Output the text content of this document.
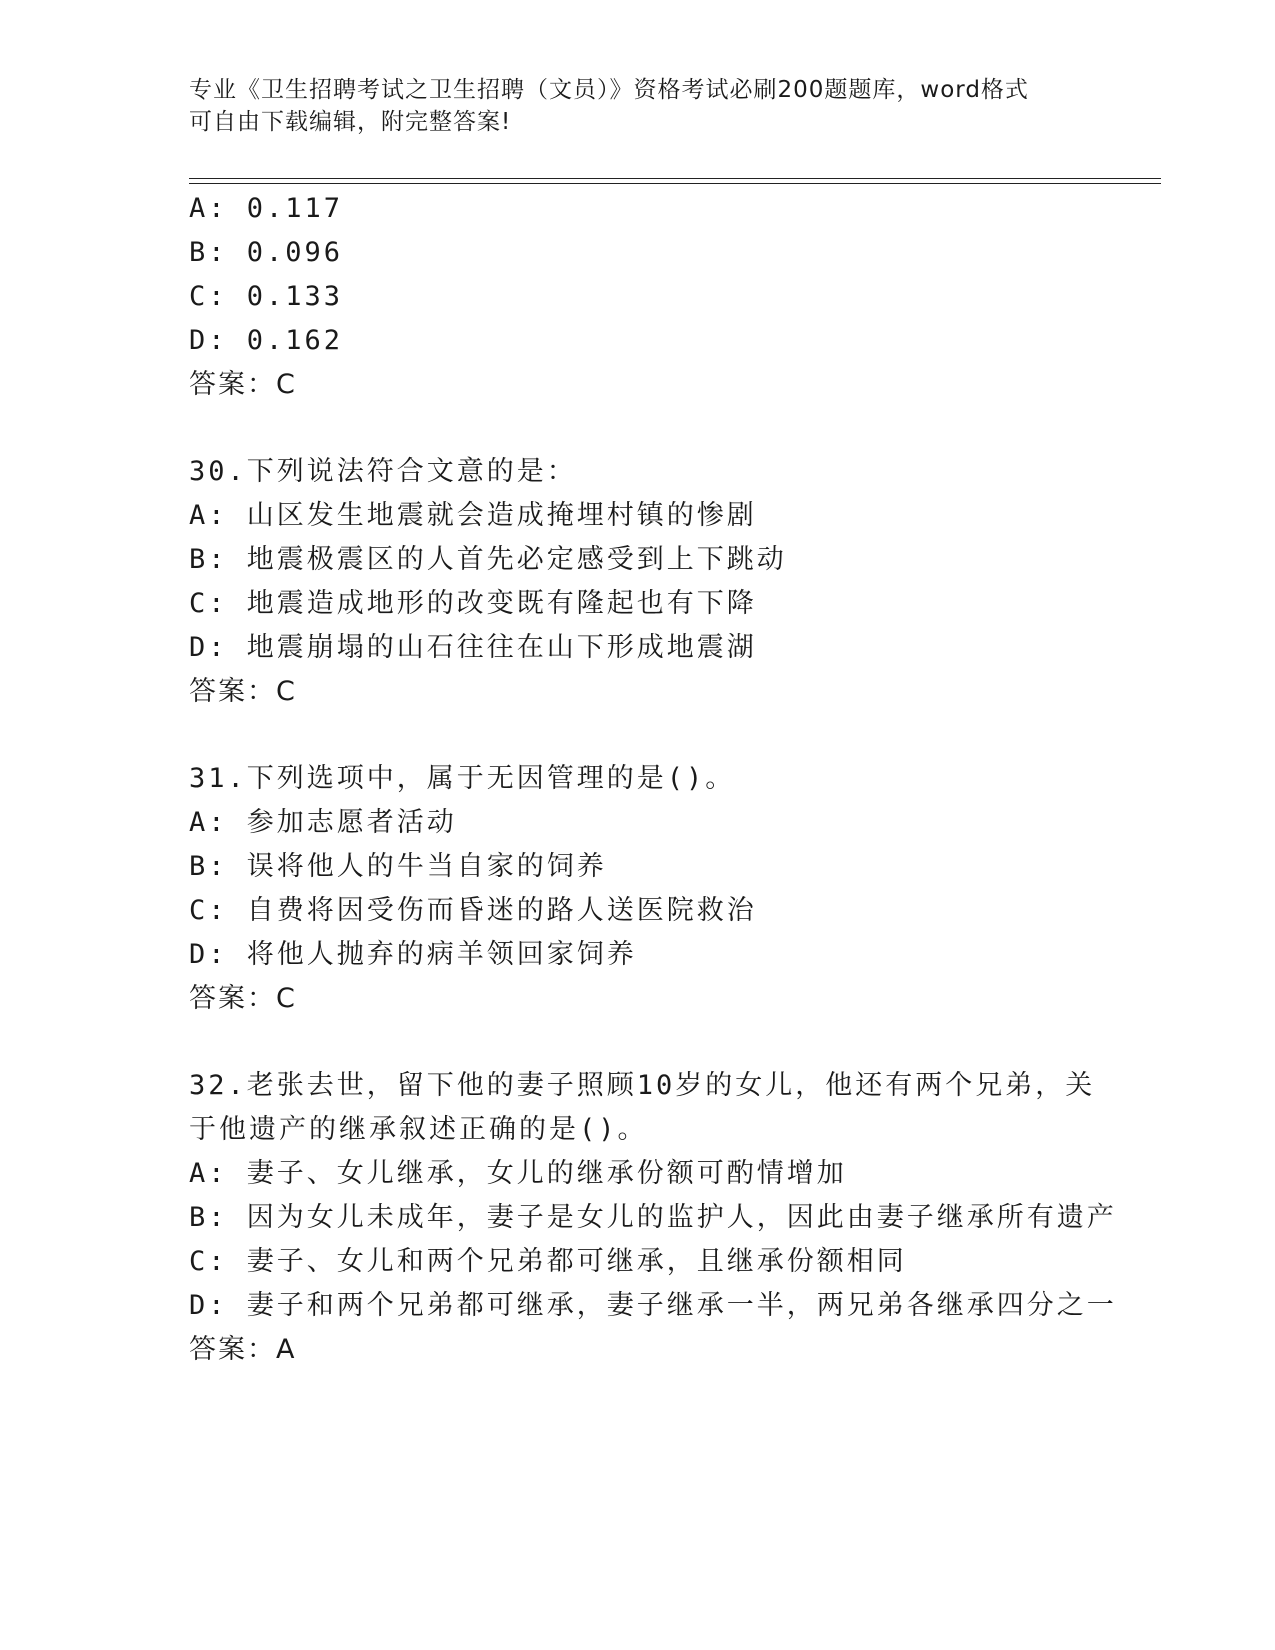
专业《卫生招聘考试之卫生招聘（文员）》资格考试必刷200题题库，word格式
可自由下载编辑，附完整答案!
A: 0.117
B: 0.096
C: 0.133
D: 0.162
答案：C
30.下列说法符合文意的是：
A: 山区发生地震就会造成掩埋村镇的惨剧
B: 地震极震区的人首先必定感受到上下跳动
C: 地震造成地形的改变既有隆起也有下降
D: 地震崩塌的山石往往在山下形成地震湖
答案：C
31.下列选项中，属于无因管理的是()。
A: 参加志愿者活动
B: 误将他人的牛当自家的饲养
C: 自费将因受伤而昏迷的路人送医院救治
D: 将他人抛弃的病羊领回家饲养
答案：C
32.老张去世，留下他的妻子照顾10岁的女儿，他还有两个兄弟，关
于他遗产的继承叙述正确的是()。
A: 妻子、女儿继承，女儿的继承份额可酌情增加
B: 因为女儿未成年，妻子是女儿的监护人，因此由妻子继承所有遗产
C: 妻子、女儿和两个兄弟都可继承，且继承份额相同
D: 妻子和两个兄弟都可继承，妻子继承一半，两兄弟各继承四分之一
答案：A
